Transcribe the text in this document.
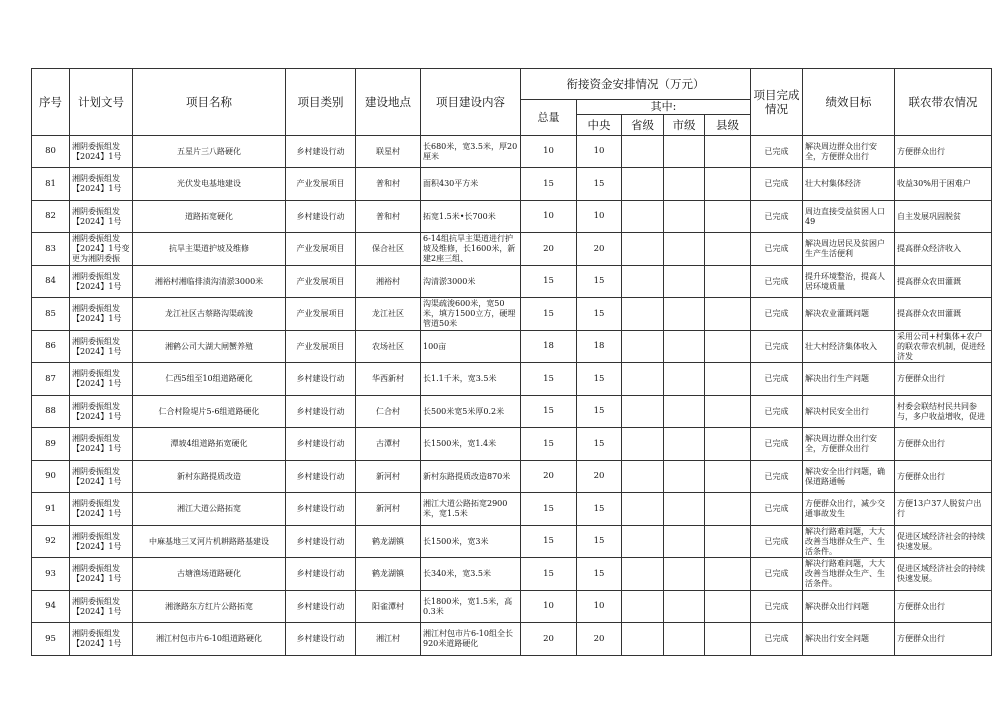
序号	计划文号	项目名称	项目类别	建设地点	项目建设内容	衔接资金安排情况（万元）					项目完成情况	绩效目标	联农带农情况
						总量	其中:						
							中央	省级	市级	县级			

80	湘阴委振组发【2024】1号	五星片三八路硬化	乡村建设行动	联星村	长680米，宽3.5米，厚20厘米	10	10				已完成	解决周边群众出行安全，方便群众出行	方便群众出行

81	湘阴委振组发【2024】1号	光伏发电基地建设	产业发展项目	普和村	面积430平方米	15	15				已完成	壮大村集体经济	收益30%用于困难户

82	湘阴委振组发【2024】1号	道路拓宽硬化	乡村建设行动	普和村	拓宽1.5米•长700米	10	10				已完成	周边直接受益贫困人口49	自主发展巩固脱贫

83	湘阴委振组发【2024】1号变更为湘阴委振	抗旱主渠道护坡及维修	产业发展项目	保合社区	6-14组抗旱主渠道进行护坡及维修，长1600米，新建2座三组、	20	20				已完成	解决周边居民及贫困户生产生活便利	提高群众经济收入

84	湘阴委振组发【2024】1号	湘裕村湘临排渍沟清淤3000米	产业发展项目	湘裕村	沟清淤3000米	15	15				已完成	提升环境整治，提高人居环境质量	提高群众农田灌溉

85	湘阴委振组发【2024】1号	龙江社区古蔡路沟渠疏浚	产业发展项目	龙江社区	沟渠疏浚600米，宽50米，填方1500立方，硬埋管道50米	15	15				已完成	解决农业灌溉问题	提高群众农田灌溉

86	湘阴委振组发【2024】1号	湘鹤公司大湖大闸蟹养殖	产业发展项目	农场社区	100亩	18	18				已完成	壮大村经济集体收入	采用公司+村集体+农户的联农带农机制，促进经济发

87	湘阴委振组发【2024】1号	仁西5组至10组道路硬化	乡村建设行动	华西新村	长1.1千米，宽3.5米	15	15				已完成	解决出行生产问题	方便群众出行

88	湘阴委振组发【2024】1号	仁合村险堤片5-6组道路硬化	乡村建设行动	仁合村	长500米宽5米厚0.2米	15	15				已完成	解决村民安全出行	村委会联结村民共同参与，多户收益增收，促进

89	湘阴委振组发【2024】1号	潭坡4组道路拓宽硬化	乡村建设行动	古潭村	长1500米，宽1.4米	15	15				已完成	解决周边群众出行安全，方便群众出行	方便群众出行

90	湘阴委振组发【2024】1号	新村东路提质改造	乡村建设行动	新河村	新村东路提质改造870米	20	20				已完成	解决安全出行问题，确保道路通畅	方便群众出行

91	湘阴委振组发【2024】1号	湘江大道公路拓宽	乡村建设行动	新河村	湘江大道公路拓宽2900米，宽1.5米	15	15				已完成	方便群众出行，减少交通事故发生	方便13户37人脱贫户出行

92	湘阴委振组发【2024】1号	中麻基地三叉河片机耕路路基建设	乡村建设行动	鹤龙湖镇	长1500米，宽3米	15	15				已完成	解决行路难问题，大大改善当地群众生产、生活条件。	促进区域经济社会的持续快速发展。

93	湘阴委振组发【2024】1号	古塘渔场道路硬化	乡村建设行动	鹤龙湖镇	长340米，宽3.5米	15	15				已完成	解决行路难问题，大大改善当地群众生产、生活条件。	促进区域经济社会的持续快速发展。

94	湘阴委振组发【2024】1号	湘涤路东方红片公路拓宽	乡村建设行动	阳雀潭村	长1800米，宽1.5米，高0.3米	10	10				已完成	解决群众出行问题	方便群众出行

95	湘阴委振组发【2024】1号	湘江村包市片6-10组道路硬化	乡村建设行动	湘江村	湘江村包市片6-10组全长920米道路硬化	20	20				已完成	解决出行安全问题	方便群众出行
